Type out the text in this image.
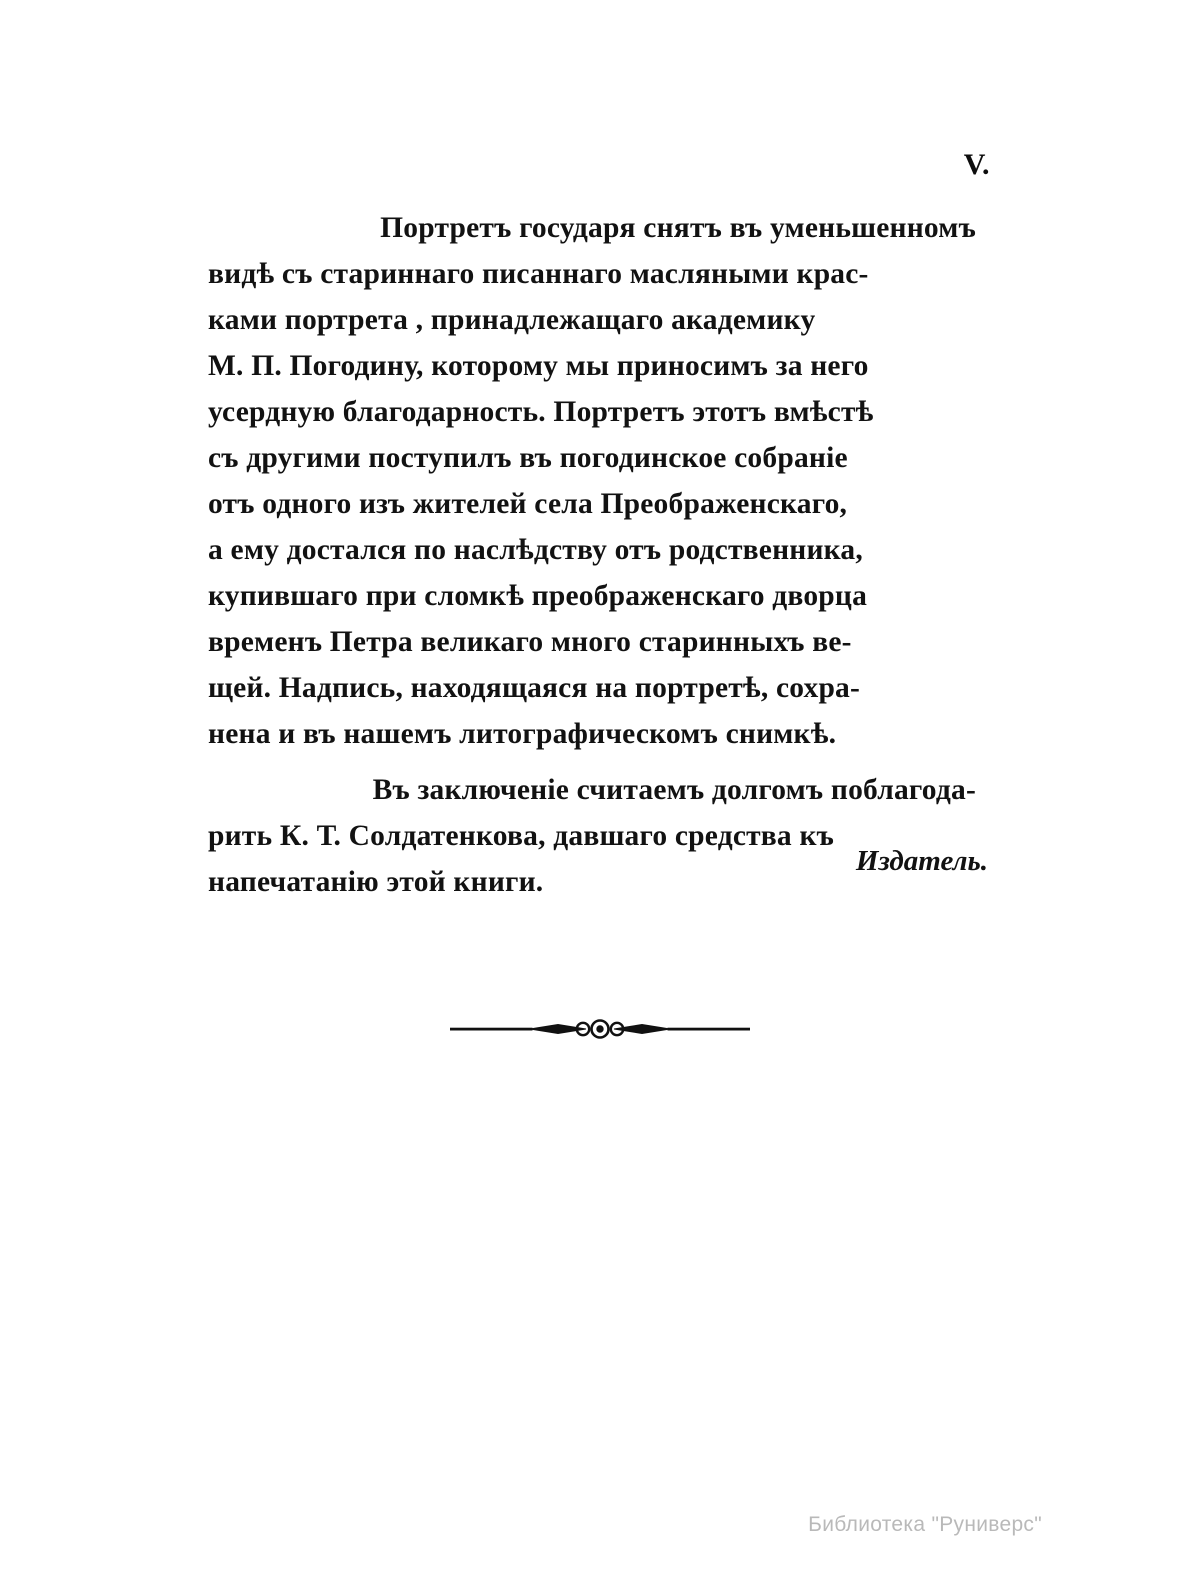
V.
Портретъ государя снятъ въ уменьшенномъ
видѣ съ стариннаго писаннаго масляными крас-
ками портрета , принадлежащаго академику
М. П. Погодину, которому мы приносимъ за него
усердную благодарность. Портретъ этотъ вмѣстѣ
съ другими поступилъ въ погодинское собраніе
отъ одного изъ жителей села Преображенскаго,
а ему достался по наслѣдству отъ родственника,
купившаго при сломкѣ преображенскаго дворца
временъ Петра великаго много старинныхъ ве-
щей. Надпись, находящаяся на портретѣ, сохра-
нена и въ нашемъ литографическомъ снимкѣ.
Въ заключеніе считаемъ долгомъ поблагода-
рить К. Т. Солдатенкова, давшаго средства къ
напечатанію этой книги.
Издатель.
Библиотека "Руниверс"
